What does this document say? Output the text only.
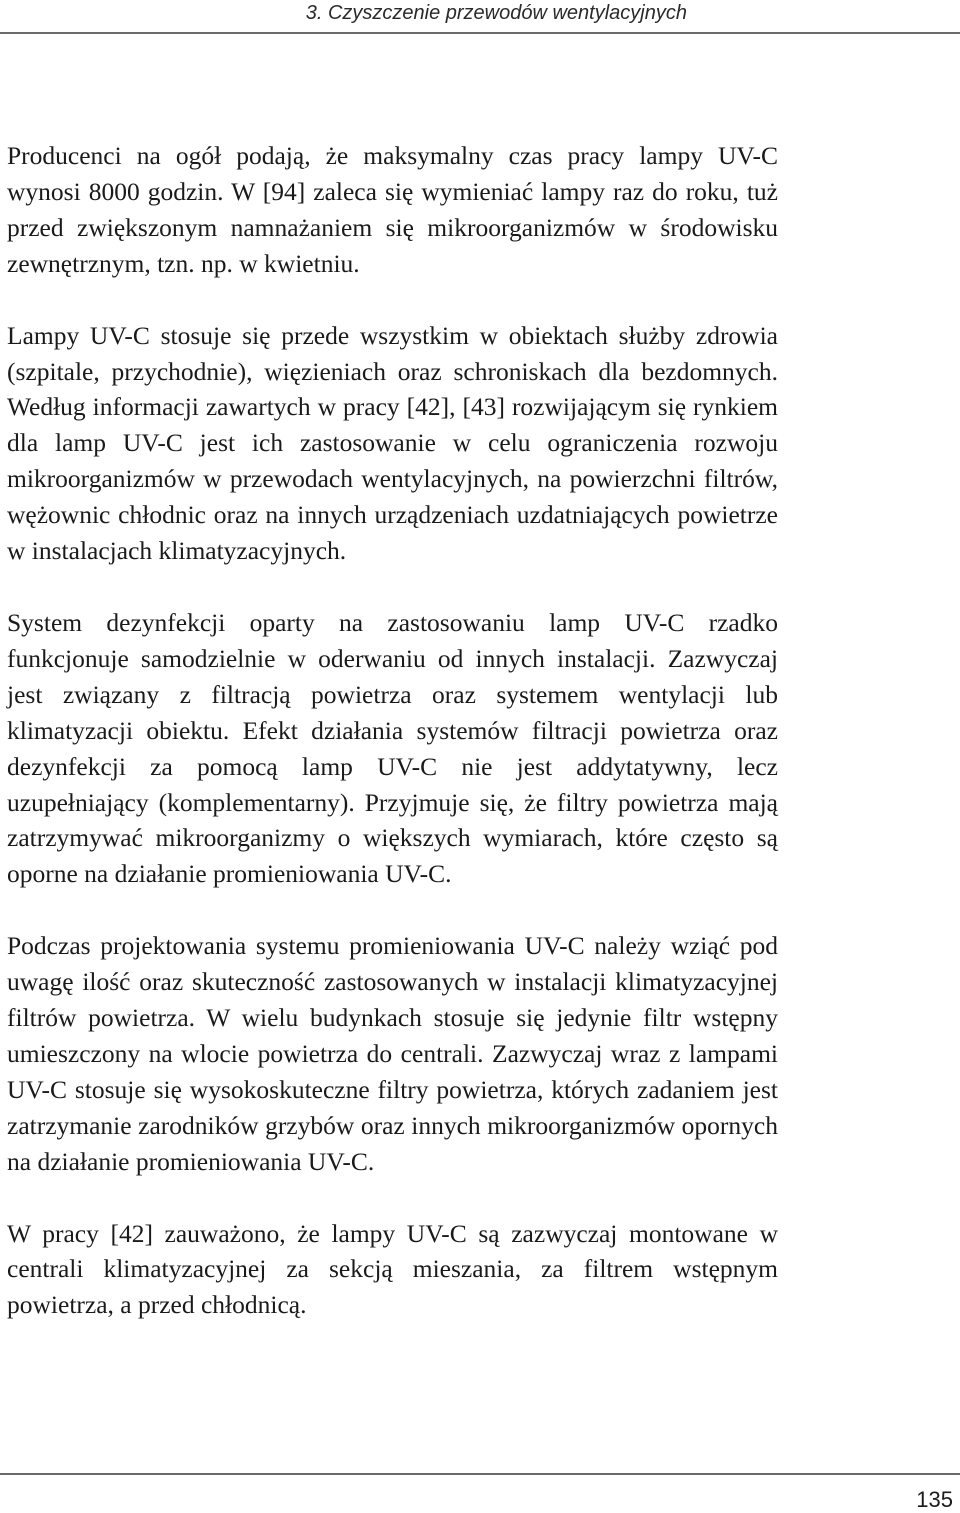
3. Czyszczenie przewodów wentylacyjnych

Producenci na ogół podają, że maksymalny czas pracy lampy UV-C wynosi 8000 godzin. W [94] zaleca się wymieniać lampy raz do roku, tuż przed zwiększonym namnażaniem się mikroorganizmów w środowisku zewnętrznym, tzn. np. w kwietniu.

Lampy UV-C stosuje się przede wszystkim w obiektach służby zdrowia (szpitale, przychodnie), więzieniach oraz schroniskach dla bezdomnych. Według informacji zawartych w pracy [42], [43] rozwijającym się rynkiem dla lamp UV-C jest ich zastosowanie w celu ograniczenia rozwoju mikroorganizmów w przewodach wentylacyjnych, na powierzchni filtrów, wężownic chłodnic oraz na innych urządzeniach uzdatniających powietrze w instalacjach klimatyzacyjnych.

System dezynfekcji oparty na zastosowaniu lamp UV-C rzadko funkcjonuje samodzielnie w oderwaniu od innych instalacji. Zazwyczaj jest związany z filtracją powietrza oraz systemem wentylacji lub klimatyzacji obiektu. Efekt działania systemów filtracji powietrza oraz dezynfekcji za pomocą lamp UV-C nie jest addytatywny, lecz uzupełniający (komplementarny). Przyjmuje się, że filtry powietrza mają zatrzymywać mikroorganizmy o większych wymiarach, które często są oporne na działanie promieniowania UV-C.

Podczas projektowania systemu promieniowania UV-C należy wziąć pod uwagę ilość oraz skuteczność zastosowanych w instalacji klimatyzacyjnej filtrów powietrza. W wielu budynkach stosuje się jedynie filtr wstępny umieszczony na wlocie powietrza do centrali. Zazwyczaj wraz z lampami UV-C stosuje się wysokoskuteczne filtry powietrza, których zadaniem jest zatrzymanie zarodników grzybów oraz innych mikroorganizmów opornych na działanie promieniowania UV-C.

W pracy [42] zauważono, że lampy UV-C są zazwyczaj montowane w centrali klimatyzacyjnej za sekcją mieszania, za filtrem wstępnym powietrza, a przed chłodnicą.

135
